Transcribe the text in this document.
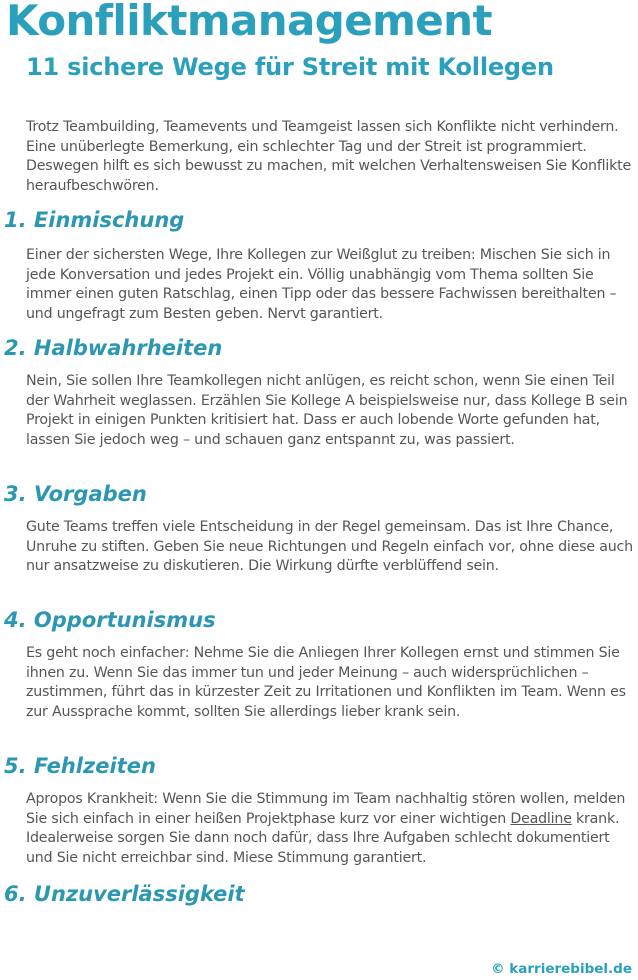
Konfliktmanagement
11 sichere Wege für Streit mit Kollegen

Trotz Teambuilding, Teamevents und Teamgeist lassen sich Konflikte nicht verhindern. Eine unüberlegte Bemerkung, ein schlechter Tag und der Streit ist programmiert. Deswegen hilft es sich bewusst zu machen, mit welchen Verhaltensweisen Sie Konflikte heraufbeschwören.

1. Einmischung

Einer der sichersten Wege, Ihre Kollegen zur Weißglut zu treiben: Mischen Sie sich in jede Konversation und jedes Projekt ein. Völlig unabhängig vom Thema sollten Sie immer einen guten Ratschlag, einen Tipp oder das bessere Fachwissen bereithalten – und ungefragt zum Besten geben. Nervt garantiert.

2. Halbwahrheiten

Nein, Sie sollen Ihre Teamkollegen nicht anlügen, es reicht schon, wenn Sie einen Teil der Wahrheit weglassen. Erzählen Sie Kollege A beispielsweise nur, dass Kollege B sein Projekt in einigen Punkten kritisiert hat. Dass er auch lobende Worte gefunden hat, lassen Sie jedoch weg – und schauen ganz entspannt zu, was passiert.

3. Vorgaben

Gute Teams treffen viele Entscheidung in der Regel gemeinsam. Das ist Ihre Chance, Unruhe zu stiften. Geben Sie neue Richtungen und Regeln einfach vor, ohne diese auch nur ansatzweise zu diskutieren. Die Wirkung dürfte verblüffend sein.

4. Opportunismus

Es geht noch einfacher: Nehme Sie die Anliegen Ihrer Kollegen ernst und stimmen Sie ihnen zu. Wenn Sie das immer tun und jeder Meinung – auch widersprüchlichen – zustimmen, führt das in kürzester Zeit zu Irritationen und Konflikten im Team. Wenn es zur Aussprache kommt, sollten Sie allerdings lieber krank sein.

5. Fehlzeiten

Apropos Krankheit: Wenn Sie die Stimmung im Team nachhaltig stören wollen, melden Sie sich einfach in einer heißen Projektphase kurz vor einer wichtigen Deadline krank. Idealerweise sorgen Sie dann noch dafür, dass Ihre Aufgaben schlecht dokumentiert und Sie nicht erreichbar sind. Miese Stimmung garantiert.

6. Unzuverlässigkeit
© karrierebibel.de
